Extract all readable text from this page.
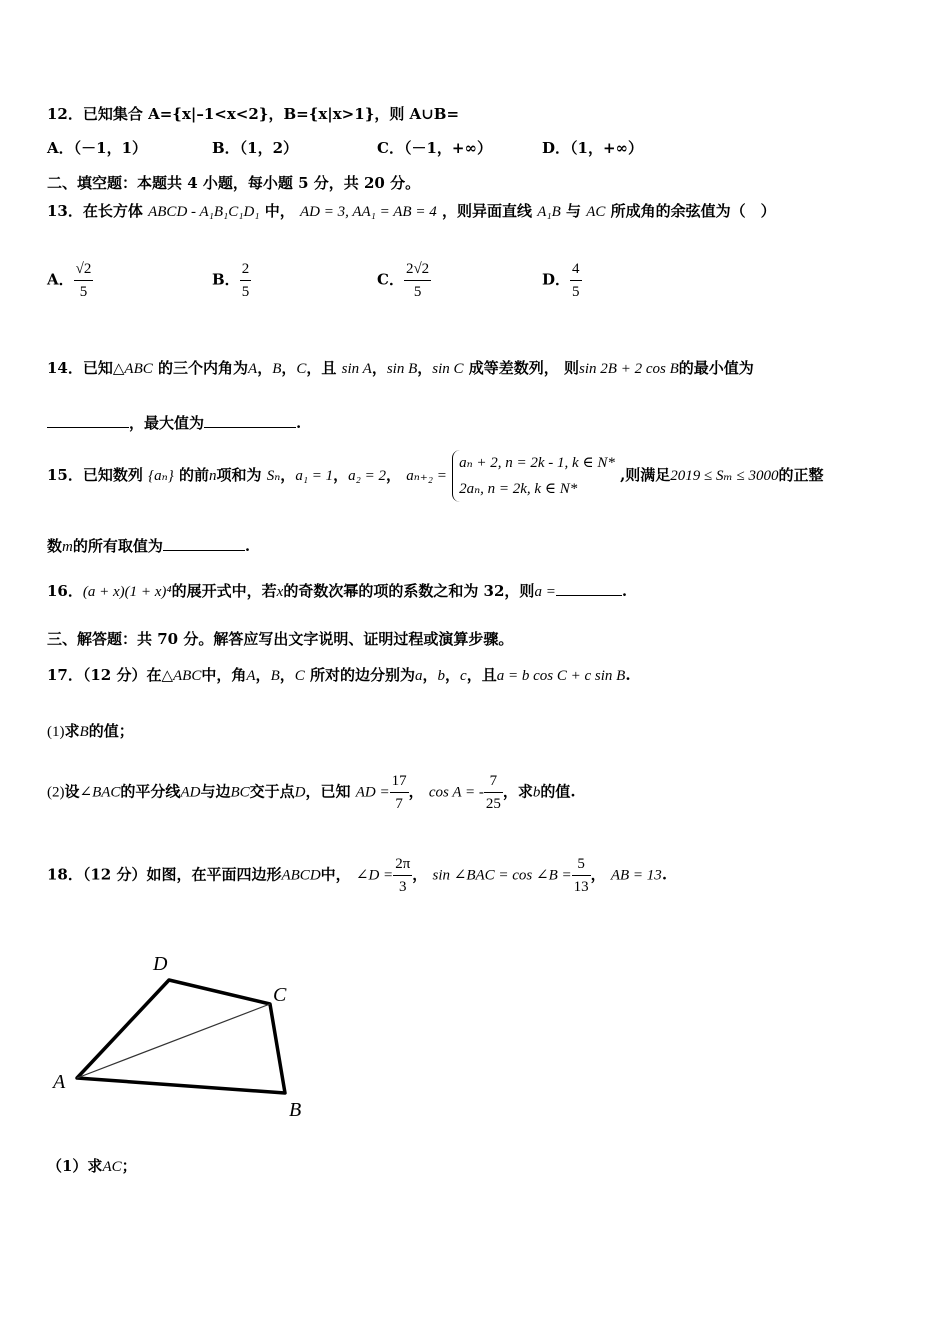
12．已知集合 A={x|–1<x<2}，B={x|x>1}，则 A∪B=
A．（－1，1）	B．（1，2）	C．（－1，+∞）	D．（1，+∞）
二、填空题：本题共 4 小题，每小题 5 分，共 20 分。
13．在长方体 ABCD - A₁B₁C₁D₁ 中， AD = 3, AA₁ = AB = 4 ，则异面直线 A₁B 与 AC 所成角的余弦值为（　）
A． $\frac{√2}{5}$	B． $\frac{2}{5}$	C． $\frac{2√2}{5}$	D． $\frac{4}{5}$
14．已知△ABC 的三个内角为A，B，C，且 sin A，sin B，sin C 成等差数列， 则sin 2B + 2 cos B的最小值为
，最大值为	.
15．已知数列 {aₙ} 的前n项和为 Sₙ，a₁ = 1，a₂ = 2， aₙ₊₂ =
aₙ + 2, n = 2k - 1, k ∈ N*
2aₙ, n = 2k, k ∈ N*
,则满足2019 ≤ Sₘ ≤ 3000的正整
数m的所有取值为	.
16．(a + x)(1 + x)⁴的展开式中，若x的奇数次幂的项的系数之和为 32，则a =	.
三、解答题：共 70 分。解答应写出文字说明、证明过程或演算步骤。
17．（12 分）在△ABC中，角A，B，C 所对的边分别为a，b，c，且a = b cos C + c sin B.
(1)求B的值；
(2)设∠BAC的平分线AD与边BC交于点D，已知 AD = $\frac{17}{7}$ ， cos A = - $\frac{7}{25}$ ，求b的值.
18．（12 分）如图，在平面四边形ABCD中， ∠D = $\frac{2\pi}{3}$ ， sin ∠BAC = cos ∠B = $\frac{5}{13}$ ， AB = 13.
A
D
C
B
（1）求AC；
